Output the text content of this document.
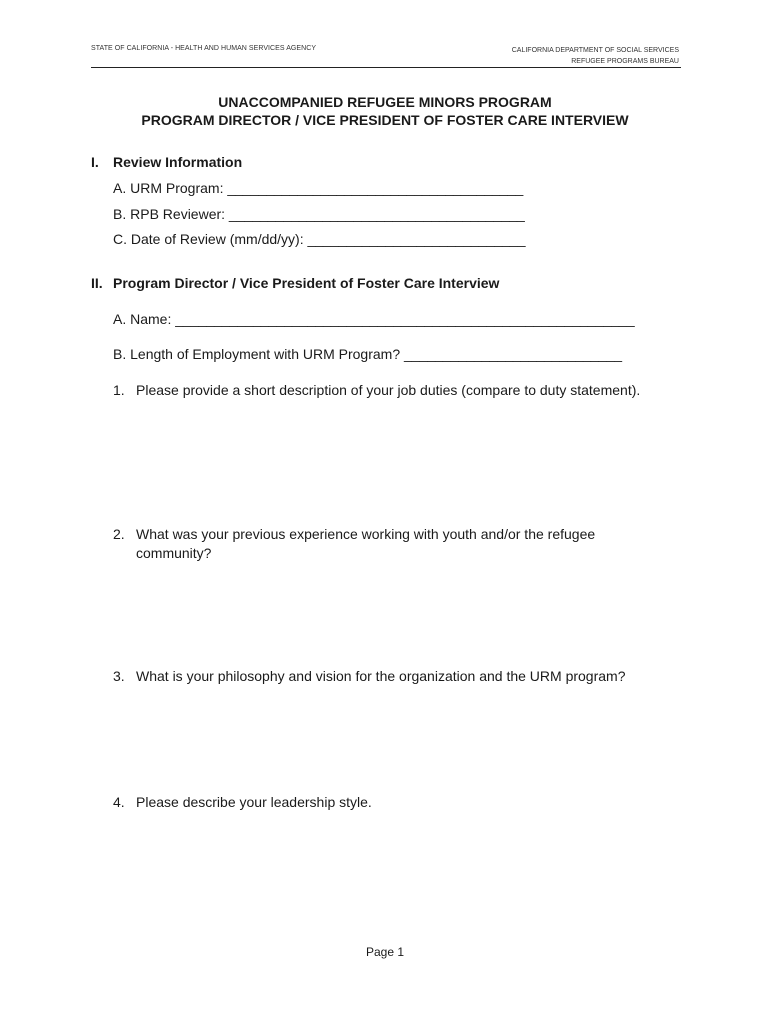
STATE OF CALIFORNIA - HEALTH AND HUMAN SERVICES AGENCY	CALIFORNIA DEPARTMENT OF SOCIAL SERVICES
REFUGEE PROGRAMS BUREAU
UNACCOMPANIED REFUGEE MINORS PROGRAM
PROGRAM DIRECTOR / VICE PRESIDENT OF FOSTER CARE INTERVIEW
I. Review Information
A. URM Program: ______________________________________
B. RPB Reviewer: ______________________________________
C. Date of Review (mm/dd/yy): ____________________________
II. Program Director / Vice President of Foster Care Interview
A. Name: ___________________________________________________________
B. Length of Employment with URM Program? ____________________________
1. Please provide a short description of your job duties (compare to duty statement).
2. What was your previous experience working with youth and/or the refugee community?
3. What is your philosophy and vision for the organization and the URM program?
4. Please describe your leadership style.
Page 1
